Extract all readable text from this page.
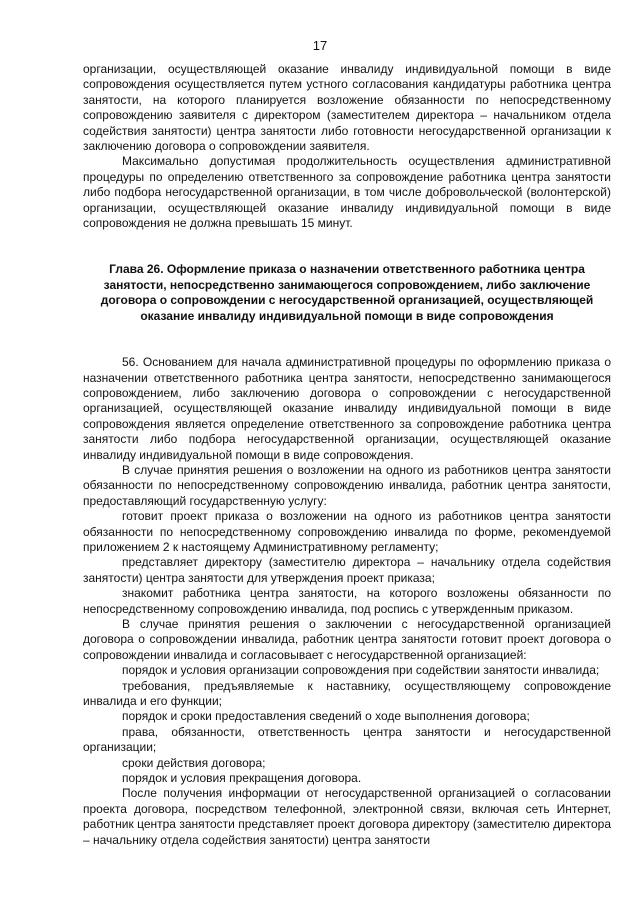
17

организации, осуществляющей оказание инвалиду индивидуальной помощи в виде сопровождения осуществляется путем устного согласования кандидатуры работника центра занятости, на которого планируется возложение обязанности по непосредственному сопровождению заявителя с директором (заместителем директора – начальником отдела содействия занятости) центра занятости либо готовности негосударственной организации к заключению договора о сопровождении заявителя.

Максимально допустимая продолжительность осуществления административной процедуры по определению ответственного за сопровождение работника центра занятости либо подбора негосударственной организации, в том числе добровольческой (волонтерской) организации, осуществляющей оказание инвалиду индивидуальной помощи в виде сопровождения не должна превышать 15 минут.

Глава 26. Оформление приказа о назначении ответственного работника центра занятости, непосредственно занимающегося сопровождением, либо заключение договора о сопровождении с негосударственной организацией, осуществляющей оказание инвалиду индивидуальной помощи в виде сопровождения

56. Основанием для начала административной процедуры по оформлению приказа о назначении ответственного работника центра занятости, непосредственно занимающегося сопровождением, либо заключению договора о сопровождении с негосударственной организацией, осуществляющей оказание инвалиду индивидуальной помощи в виде сопровождения является определение ответственного за сопровождение работника центра занятости либо подбора негосударственной организации, осуществляющей оказание инвалиду индивидуальной помощи в виде сопровождения.

В случае принятия решения о возложении на одного из работников центра занятости обязанности по непосредственному сопровождению инвалида, работник центра занятости, предоставляющий государственную услугу:

готовит проект приказа о возложении на одного из работников центра занятости обязанности по непосредственному сопровождению инвалида по форме, рекомендуемой приложением 2 к настоящему Административному регламенту;

представляет директору (заместителю директора – начальнику отдела содействия занятости) центра занятости для утверждения проект приказа;

знакомит работника центра занятости, на которого возложены обязанности по непосредственному сопровождению инвалида, под роспись с утвержденным приказом.

В случае принятия решения о заключении с негосударственной организацией договора о сопровождении инвалида, работник центра занятости готовит проект договора о сопровождении инвалида и согласовывает с негосударственной организацией:

порядок и условия организации сопровождения при содействии занятости инвалида;

требования, предъявляемые к наставнику, осуществляющему сопровождение инвалида и его функции;

порядок и сроки предоставления сведений о ходе выполнения договора;

права, обязанности, ответственность центра занятости и негосударственной организации;

сроки действия договора;

порядок и условия прекращения договора.

После получения информации от негосударственной организацией о согласовании проекта договора, посредством телефонной, электронной связи, включая сеть Интернет, работник центра занятости представляет проект договора директору (заместителю директора – начальнику отдела содействия занятости) центра занятости
